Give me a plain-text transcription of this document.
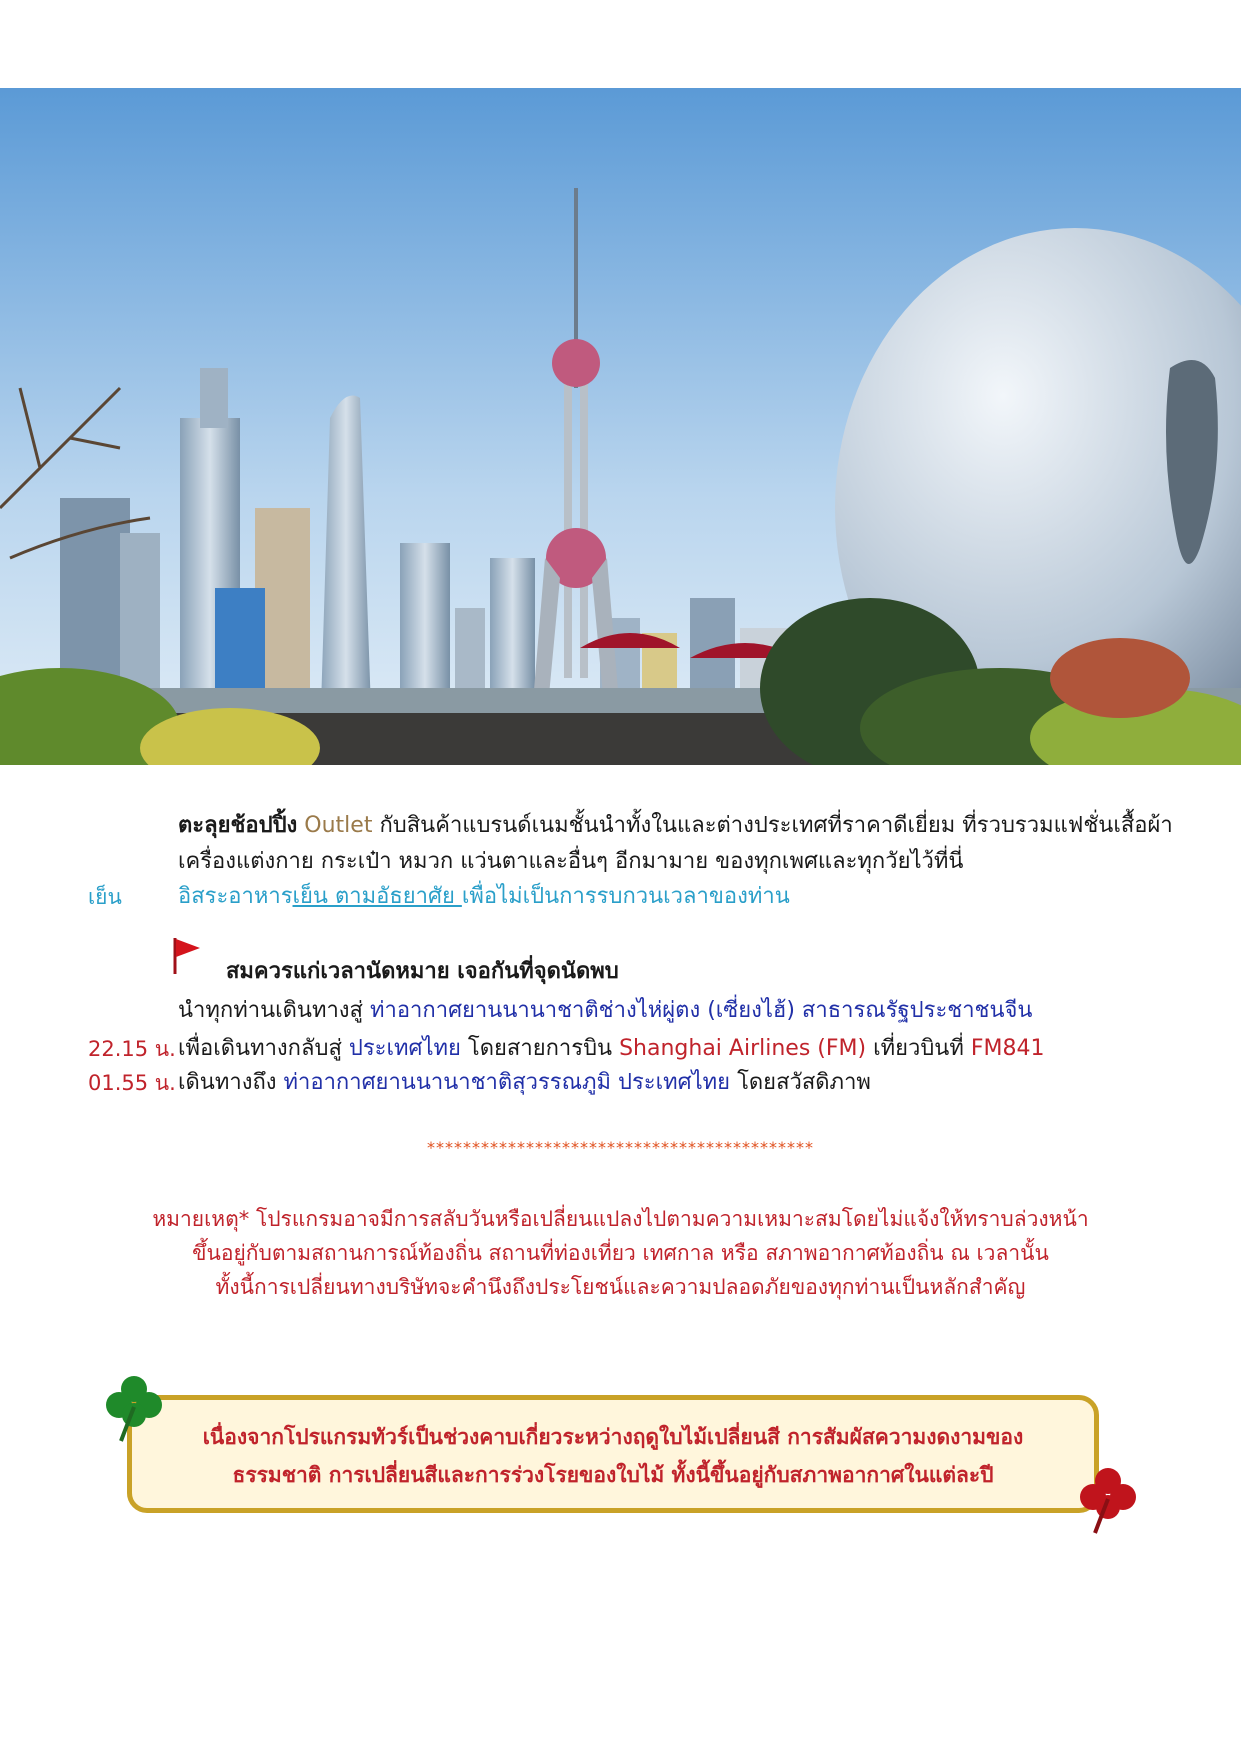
ตะลุยช้อปปิ้ง Outlet กับสินค้าแบรนด์เนมชั้นนำทั้งในและต่างประเทศที่ราคาดีเยี่ยม ที่รวบรวมแฟชั่นเสื้อผ้า
เครื่องแต่งกาย กระเป๋า หมวก แว่นตาและอื่นๆ อีกมามาย ของทุกเพศและทุกวัยไว้ที่นี่
เย็น	อิสระอาหารเย็น ตามอัธยาศัย เพื่อไม่เป็นการรบกวนเวลาของท่าน
สมควรแก่เวลานัดหมาย เจอกันที่จุดนัดพบ
นำทุกท่านเดินทางสู่ ท่าอากาศยานนานาชาติช่างไห่ผู่ตง (เซี่ยงไฮ้) สาธารณรัฐประชาชนจีน
22.15 น. เพื่อเดินทางกลับสู่ ประเทศไทย โดยสายการบิน Shanghai Airlines (FM) เที่ยวบินที่ FM841
01.55 น. เดินทางถึง ท่าอากาศยานนานาชาติสุวรรณภูมิ ประเทศไทย โดยสวัสดิภาพ
*******************************************
หมายเหตุ* โปรแกรมอาจมีการสลับวันหรือเปลี่ยนแปลงไปตามความเหมาะสมโดยไม่แจ้งให้ทราบล่วงหน้า
ขึ้นอยู่กับตามสถานการณ์ท้องถิ่น สถานที่ท่องเที่ยว เทศกาล หรือ สภาพอากาศท้องถิ่น ณ เวลานั้น
ทั้งนี้การเปลี่ยนทางบริษัทจะคำนึงถึงประโยชน์และความปลอดภัยของทุกท่านเป็นหลักสำคัญ
เนื่องจากโปรแกรมทัวร์เป็นช่วงคาบเกี่ยวระหว่างฤดูใบไม้เปลี่ยนสี การสัมผัสความงดงามของ
ธรรมชาติ การเปลี่ยนสีและการร่วงโรยของใบไม้ ทั้งนี้ขึ้นอยู่กับสภาพอากาศในแต่ละปี
